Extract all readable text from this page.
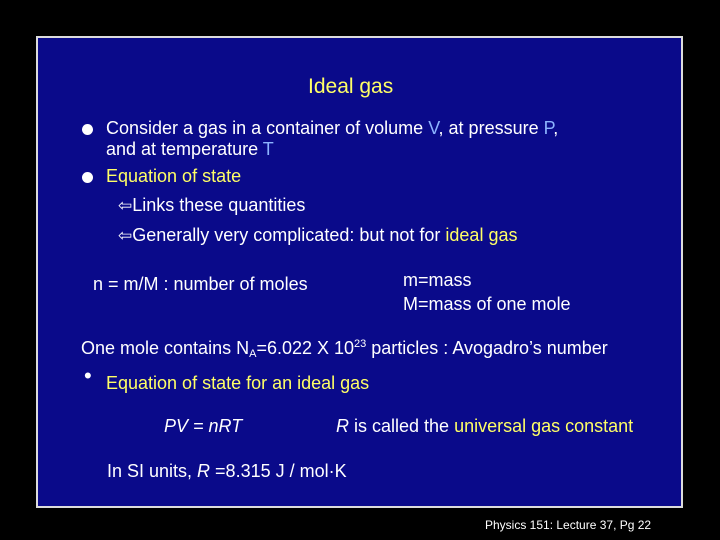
Ideal gas
Consider a gas in a container of volume V, at pressure P,
and at temperature T
Equation of state
⇦Links these quantities
⇦Generally very complicated: but not for ideal gas
n = m/M : number of moles	m=mass
M=mass of one mole
One mole contains $N_A=6.022$ X $10^{23}$ particles : Avogadro’s number
• Equation of state for an ideal gas
PV = nRT	R is called the universal gas constant
In SI units, R =8.315 J / mol·K
Physics 151: Lecture 37, Pg 22
